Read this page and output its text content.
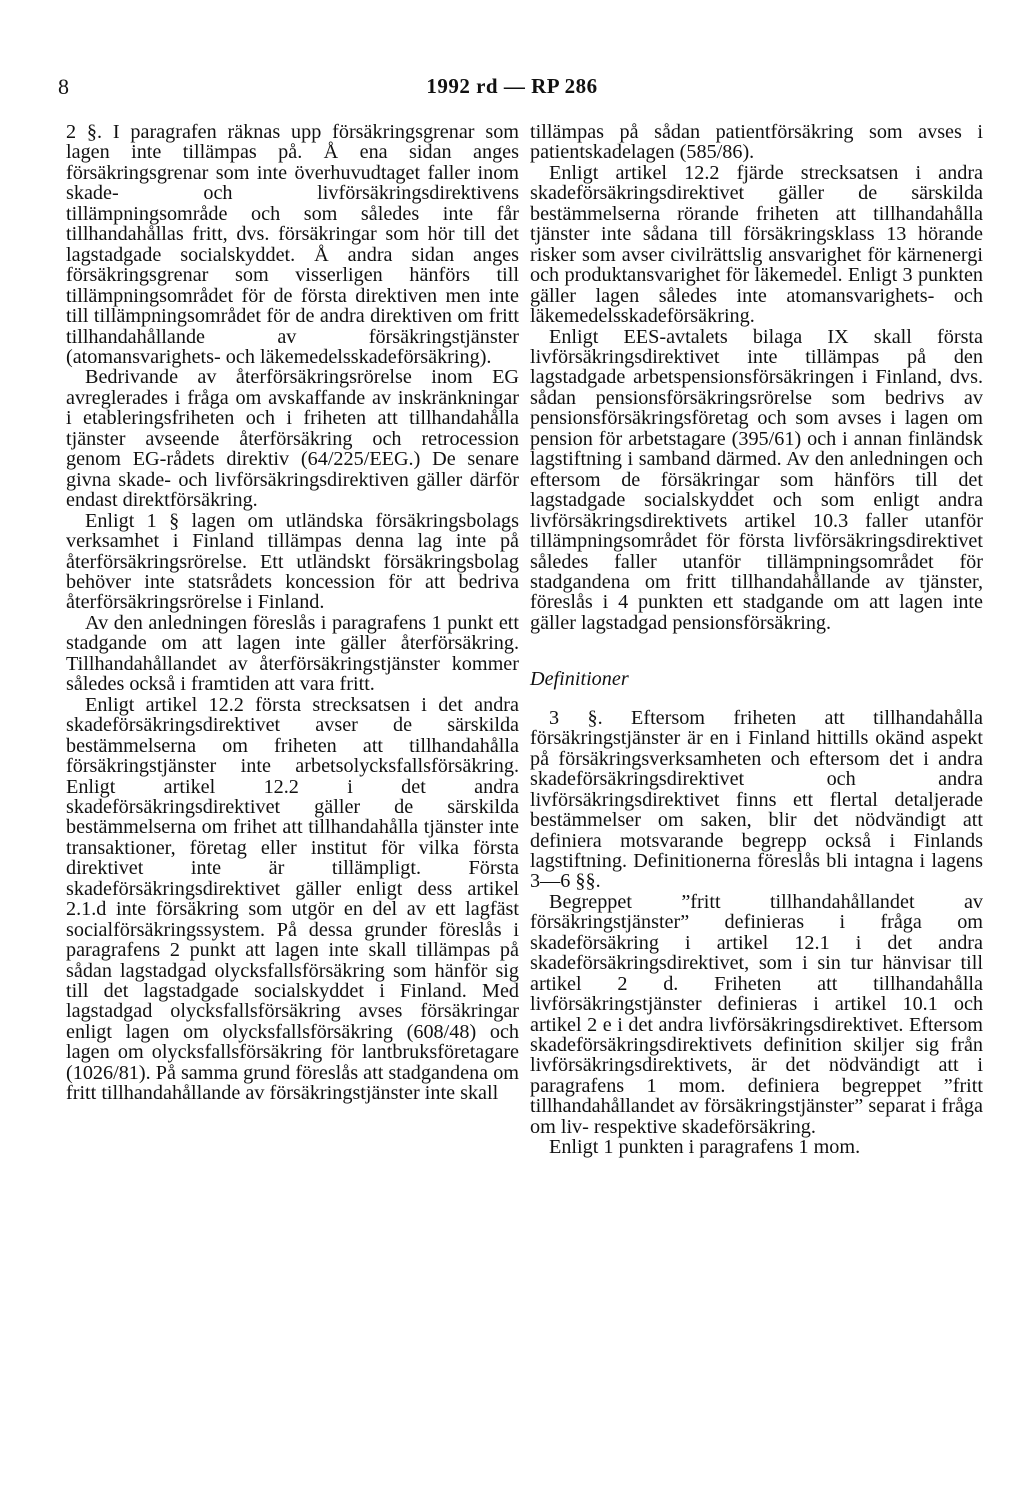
8	1992 rd — RP 286

2 §. I paragrafen räknas upp försäkringsgrenar som lagen inte tillämpas på. Å ena sidan anges försäkringsgrenar som inte överhuvudtaget faller inom skade- och livförsäkringsdirektivens tillämpningsområde och som således inte får tillhandahållas fritt, dvs. försäkringar som hör till det lagstadgade socialskyddet. Å andra sidan anges försäkringsgrenar som visserligen hänförs till tillämpningsområdet för de första direktiven men inte till tillämpningsområdet för de andra direktiven om fritt tillhandahållande av försäkringstjänster (atomansvarighets- och läkemedelsskadeförsäkring).

Bedrivande av återförsäkringsrörelse inom EG avreglerades i fråga om avskaffande av inskränkningar i etableringsfriheten och i friheten att tillhandahålla tjänster avseende återförsäkring och retrocession genom EG-rådets direktiv (64/225/EEG.) De senare givna skade- och livförsäkringsdirektiven gäller därför endast direktförsäkring.

Enligt 1 § lagen om utländska försäkringsbolags verksamhet i Finland tillämpas denna lag inte på återförsäkringsrörelse. Ett utländskt försäkringsbolag behöver inte statsrådets koncession för att bedriva återförsäkringsrörelse i Finland.

Av den anledningen föreslås i paragrafens 1 punkt ett stadgande om att lagen inte gäller återförsäkring. Tillhandahållandet av återförsäkringstjänster kommer således också i framtiden att vara fritt.

Enligt artikel 12.2 första strecksatsen i det andra skadeförsäkringsdirektivet avser de särskilda bestämmelserna om friheten att tillhandahålla försäkringstjänster inte arbetsolycksfallsförsäkring. Enligt artikel 12.2 i det andra skadeförsäkringsdirektivet gäller de särskilda bestämmelserna om frihet att tillhandahålla tjänster inte transaktioner, företag eller institut för vilka första direktivet inte är tillämpligt. Första skadeförsäkringsdirektivet gäller enligt dess artikel 2.1.d inte försäkring som utgör en del av ett lagfäst socialförsäkringssystem. På dessa grunder föreslås i paragrafens 2 punkt att lagen inte skall tillämpas på sådan lagstadgad olycksfallsförsäkring som hänför sig till det lagstadgade socialskyddet i Finland. Med lagstadgad olycksfallsförsäkring avses försäkringar enligt lagen om olycksfallsförsäkring (608/48) och lagen om olycksfallsförsäkring för lantbruksföretagare (1026/81). På samma grund föreslås att stadgandena om fritt tillhandahållande av försäkringstjänster inte skall

tillämpas på sådan patientförsäkring som avses i patientskadelagen (585/86).

Enligt artikel 12.2 fjärde strecksatsen i andra skadeförsäkringsdirektivet gäller de särskilda bestämmelserna rörande friheten att tillhandahålla tjänster inte sådana till försäkringsklass 13 hörande risker som avser civilrättslig ansvarighet för kärnenergi och produktansvarighet för läkemedel. Enligt 3 punkten gäller lagen således inte atomansvarighets- och läkemedelsskadeförsäkring.

Enligt EES-avtalets bilaga IX skall första livförsäkringsdirektivet inte tillämpas på den lagstadgade arbetspensionsförsäkringen i Finland, dvs. sådan pensionsförsäkringsrörelse som bedrivs av pensionsförsäkringsföretag och som avses i lagen om pension för arbetstagare (395/61) och i annan finländsk lagstiftning i samband därmed. Av den anledningen och eftersom de försäkringar som hänförs till det lagstadgade socialskyddet och som enligt andra livförsäkringsdirektivets artikel 10.3 faller utanför tillämpningsområdet för första livförsäkringsdirektivet således faller utanför tillämpningsområdet för stadgandena om fritt tillhandahållande av tjänster, föreslås i 4 punkten ett stadgande om att lagen inte gäller lagstadgad pensionsförsäkring.

Definitioner

3 §. Eftersom friheten att tillhandahålla försäkringstjänster är en i Finland hittills okänd aspekt på försäkringsverksamheten och eftersom det i andra skadeförsäkringsdirektivet och andra livförsäkringsdirektivet finns ett flertal detaljerade bestämmelser om saken, blir det nödvändigt att definiera motsvarande begrepp också i Finlands lagstiftning. Definitionerna föreslås bli intagna i lagens 3—6 §§.

Begreppet ”fritt tillhandahållandet av försäkringstjänster” definieras i fråga om skadeförsäkring i artikel 12.1 i det andra skadeförsäkringsdirektivet, som i sin tur hänvisar till artikel 2 d. Friheten att tillhandahålla livförsäkringstjänster definieras i artikel 10.1 och artikel 2 e i det andra livförsäkringsdirektivet. Eftersom skadeförsäkringsdirektivets definition skiljer sig från livförsäkringsdirektivets, är det nödvändigt att i paragrafens 1 mom. definiera begreppet ”fritt tillhandahållandet av försäkringstjänster” separat i fråga om liv- respektive skadeförsäkring.

Enligt 1 punkten i paragrafens 1 mom.
